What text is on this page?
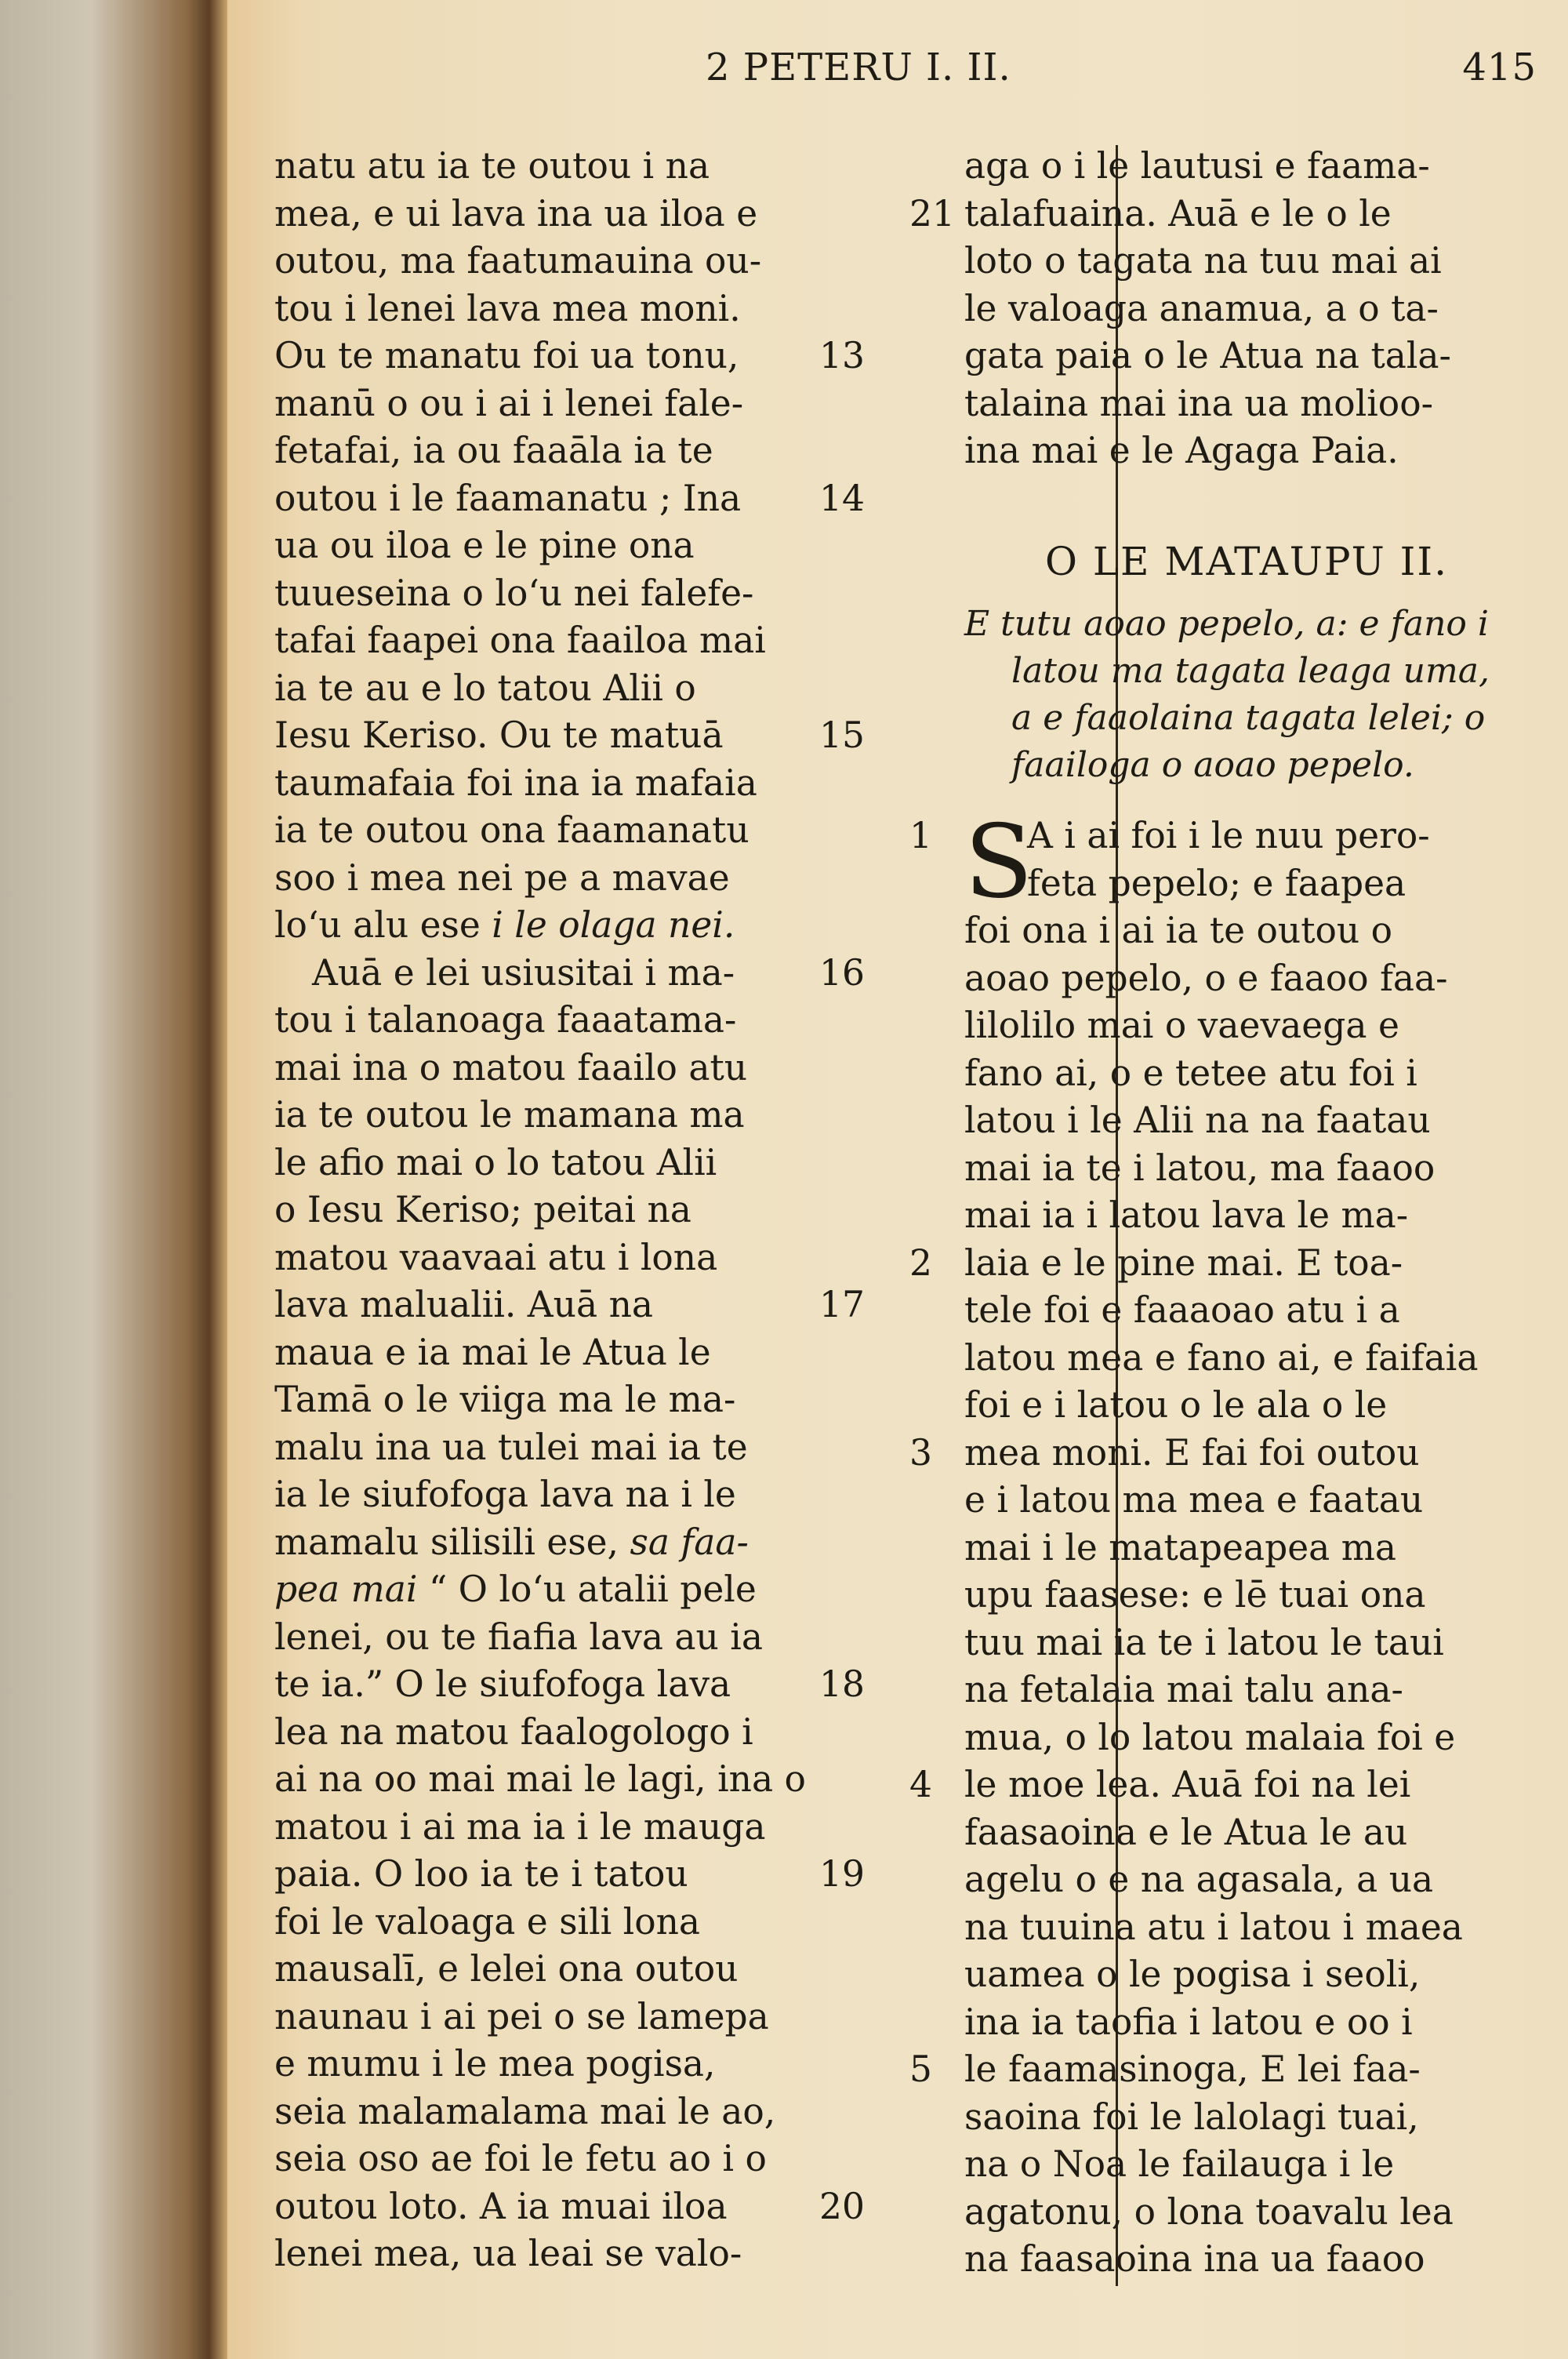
2 PETERU I. II.	415
natu atu ia te outou i na
mea, e ui lava ina ua iloa e
outou, ma faatumauina ou-
tou i lenei lava mea moni.
Ou te manatu foi ua tonu, 13
manū o ou i ai i lenei fale-
fetafai, ia ou faaāla ia te
outou i le faamanatu ; Ina 14
ua ou iloa e le pine ona
tuueseina o lo‘u nei falefe-
tafai faapei ona faailoa mai
ia te au e lo tatou Alii o
Iesu Keriso. Ou te matuā	15
taumafaia foi ina ia mafaia
ia te outou ona faamanatu
soo i mea nei pe a mavae
lo‘u alu ese i le olaga nei.
Auā e lei usiusitai i ma- 16
tou i talanoaga faaatama-
mai ina o matou faailo atu
ia te outou le mamana ma
le afio mai o lo tatou Alii
o Iesu Keriso; peitai na
matou vaavaai atu i lona
lava malualii. Auā na	17
maua e ia mai le Atua le
Tamā o le viiga ma le ma-
malu ina ua tulei mai ia te
ia le siufofoga lava na i le
mamalu silisili ese, sa faa-
pea mai “ O lo‘u atalii pele
lenei, ou te fiafia lava au ia
te ia.” O le siufofoga lava 18
lea na matou faalogologo i
ai na oo mai mai le lagi, ina o
matou i ai ma ia i le mauga
paia. O loo ia te i tatou	19
foi le valoaga e sili lona
mausalī, e lelei ona outou
naunau i ai pei o se lamepa
e mumu i le mea pogisa,
seia malamalama mai le ao,
seia oso ae foi le fetu ao i o
outou loto. A ia muai iloa	20
lenei mea, ua leai se valo-
aga o i le lautusi e faama-
talafuaina. Auā e le o le
21
loto o tagata na tuu mai ai
le valoaga anamua, a o ta-
gata paia o le Atua na tala-
talaina mai ina ua molioo-
ina mai e le Agaga Paia.
O LE MATAUPU II.
E tutu aoao pepelo, a: e fano i
latou ma tagata leaga uma,
a e faaolaina tagata lelei; o
faailoga o aoao pepelo.
S
A i ai foi i le nuu pero-
1
feta pepelo; e faapea
foi ona i ai ia te outou o
aoao pepelo, o e faaoo faa-
lilolilo mai o vaevaega e
fano ai, o e tetee atu foi i
latou i le Alii na na faatau
mai ia te i latou, ma faaoo
mai ia i latou lava le ma-
laia e le pine mai. E toa-
2
tele foi e faaaoao atu i a
latou mea e fano ai, e faifaia
foi e i latou o le ala o le
mea moni. E fai foi outou
3
e i latou ma mea e faatau
mai i le matapeapea ma
upu faasese: e lē tuai ona
tuu mai ia te i latou le taui
na fetalaia mai talu ana-
mua, o lo latou malaia foi e
le moe lea. Auā foi na lei
4
faasaoina e le Atua le au
agelu o e na agasala, a ua
na tuuina atu i latou i maea
uamea o le pogisa i seoli,
ina ia taofia i latou e oo i
le faamasinoga, E lei faa-
5
saoina foi le lalolagi tuai,
na o Noa le failauga i le
agatonu, o lona toavalu lea
na faasaoina ina ua faaoo
